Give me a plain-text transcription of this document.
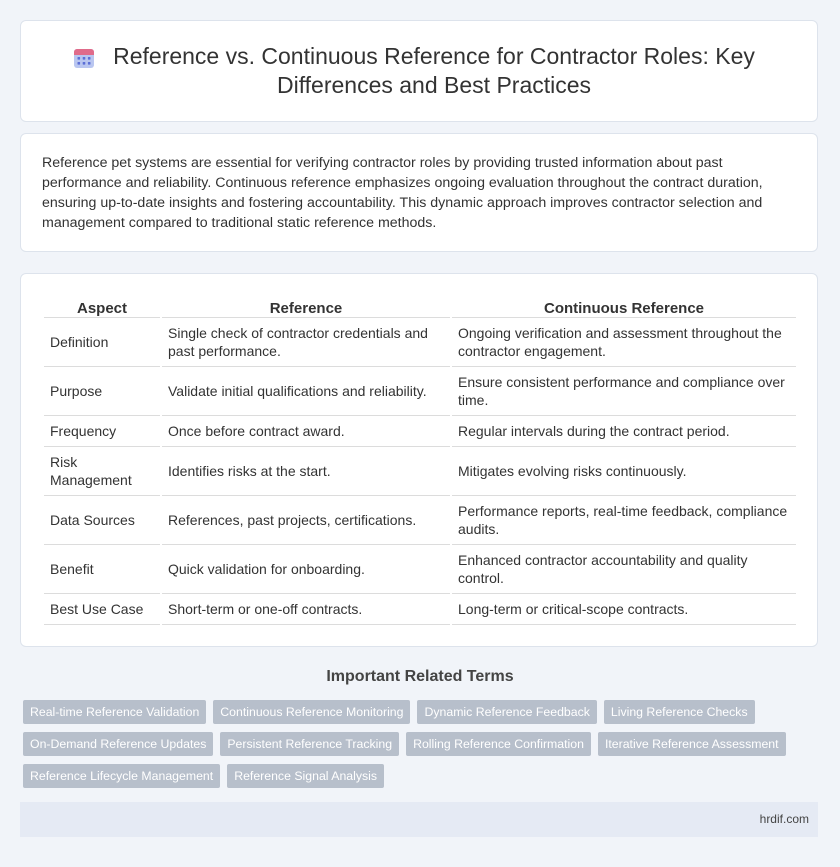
Reference vs. Continuous Reference for Contractor Roles: Key Differences and Best Practices

Reference pet systems are essential for verifying contractor roles by providing trusted information about past performance and reliability. Continuous reference emphasizes ongoing evaluation throughout the contract duration, ensuring up-to-date insights and fostering accountability. This dynamic approach improves contractor selection and management compared to traditional static reference methods.

Aspect	Reference	Continuous Reference
Definition	Single check of contractor credentials and past performance.	Ongoing verification and assessment throughout the contractor engagement.
Purpose	Validate initial qualifications and reliability.	Ensure consistent performance and compliance over time.
Frequency	Once before contract award.	Regular intervals during the contract period.
Risk Management	Identifies risks at the start.	Mitigates evolving risks continuously.
Data Sources	References, past projects, certifications.	Performance reports, real-time feedback, compliance audits.
Benefit	Quick validation for onboarding.	Enhanced contractor accountability and quality control.
Best Use Case	Short-term or one-off contracts.	Long-term or critical-scope contracts.
Important Related Terms
Real-time Reference Validation	Continuous Reference Monitoring	Dynamic Reference Feedback	Living Reference Checks
On-Demand Reference Updates	Persistent Reference Tracking	Rolling Reference Confirmation	Iterative Reference Assessment
Reference Lifecycle Management	Reference Signal Analysis
hrdif.com
